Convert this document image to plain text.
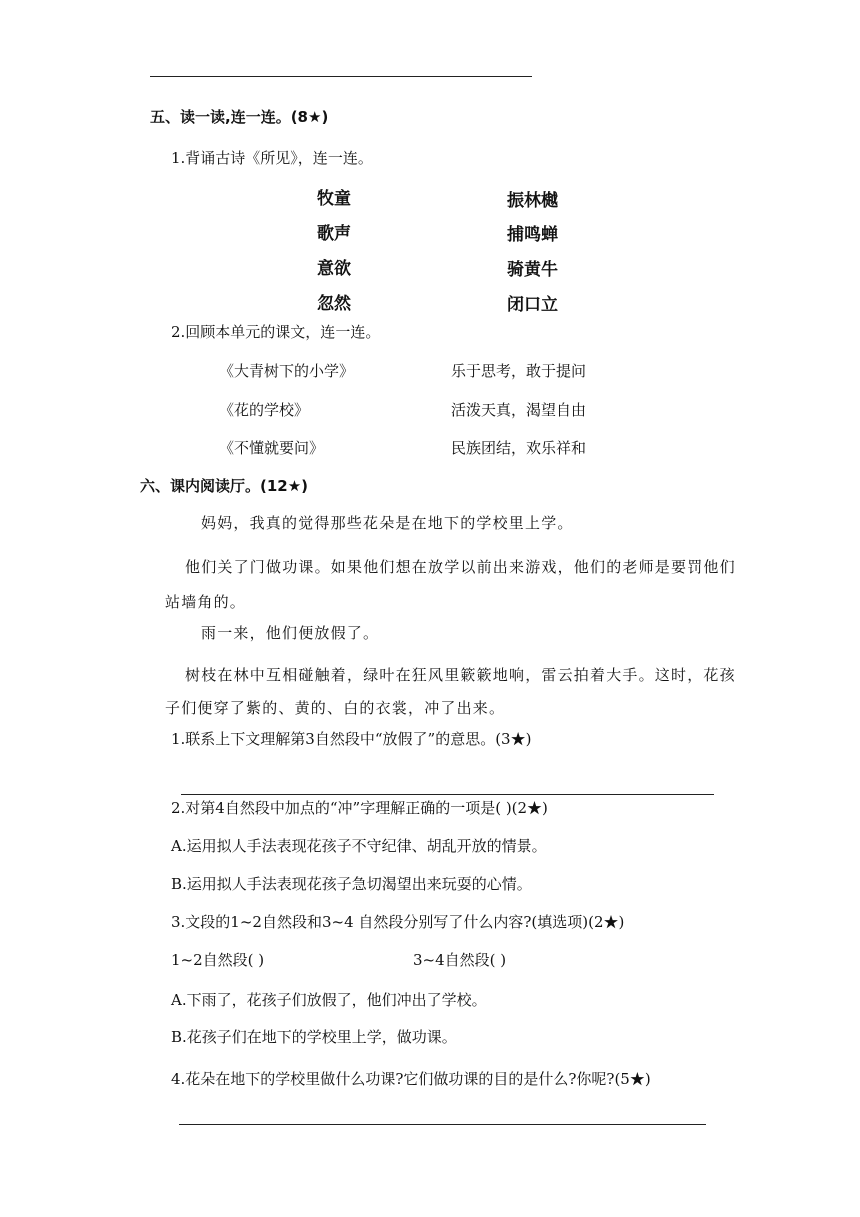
五、读一读,连一连。(8★)
1.背诵古诗《所见》，连一连。
牧童
歌声
意欲
忽然
振林樾
捕鸣蝉
骑黄牛
闭口立
2.回顾本单元的课文，连一连。
《大青树下的小学》
《花的学校》
《不懂就要问》
乐于思考，敢于提问
活泼天真，渴望自由
民族团结，欢乐祥和
六、课内阅读厅。(12★)
妈妈，我真的觉得那些花朵是在地下的学校里上学。
他们关了门做功课。如果他们想在放学以前出来游戏，他们的老师是要罚他们
站墙角的。
雨一来，他们便放假了。
树枝在林中互相碰触着，绿叶在狂风里簌簌地响，雷云拍着大手。这时，花孩
子们便穿了紫的、黄的、白的衣裳，冲了出来。
1.联系上下文理解第3自然段中“放假了”的意思。(3★)
2.对第4自然段中加点的“冲”字理解正确的一项是( )(2★)
A.运用拟人手法表现花孩子不守纪律、胡乱开放的情景。
B.运用拟人手法表现花孩子急切渴望出来玩耍的心情。
3.文段的1~2自然段和3~4 自然段分别写了什么内容?(填选项)(2★)
1~2自然段( )	3~4自然段( )
A.下雨了，花孩子们放假了，他们冲出了学校。
B.花孩子们在地下的学校里上学，做功课。
4.花朵在地下的学校里做什么功课?它们做功课的目的是什么?你呢?(5★)
